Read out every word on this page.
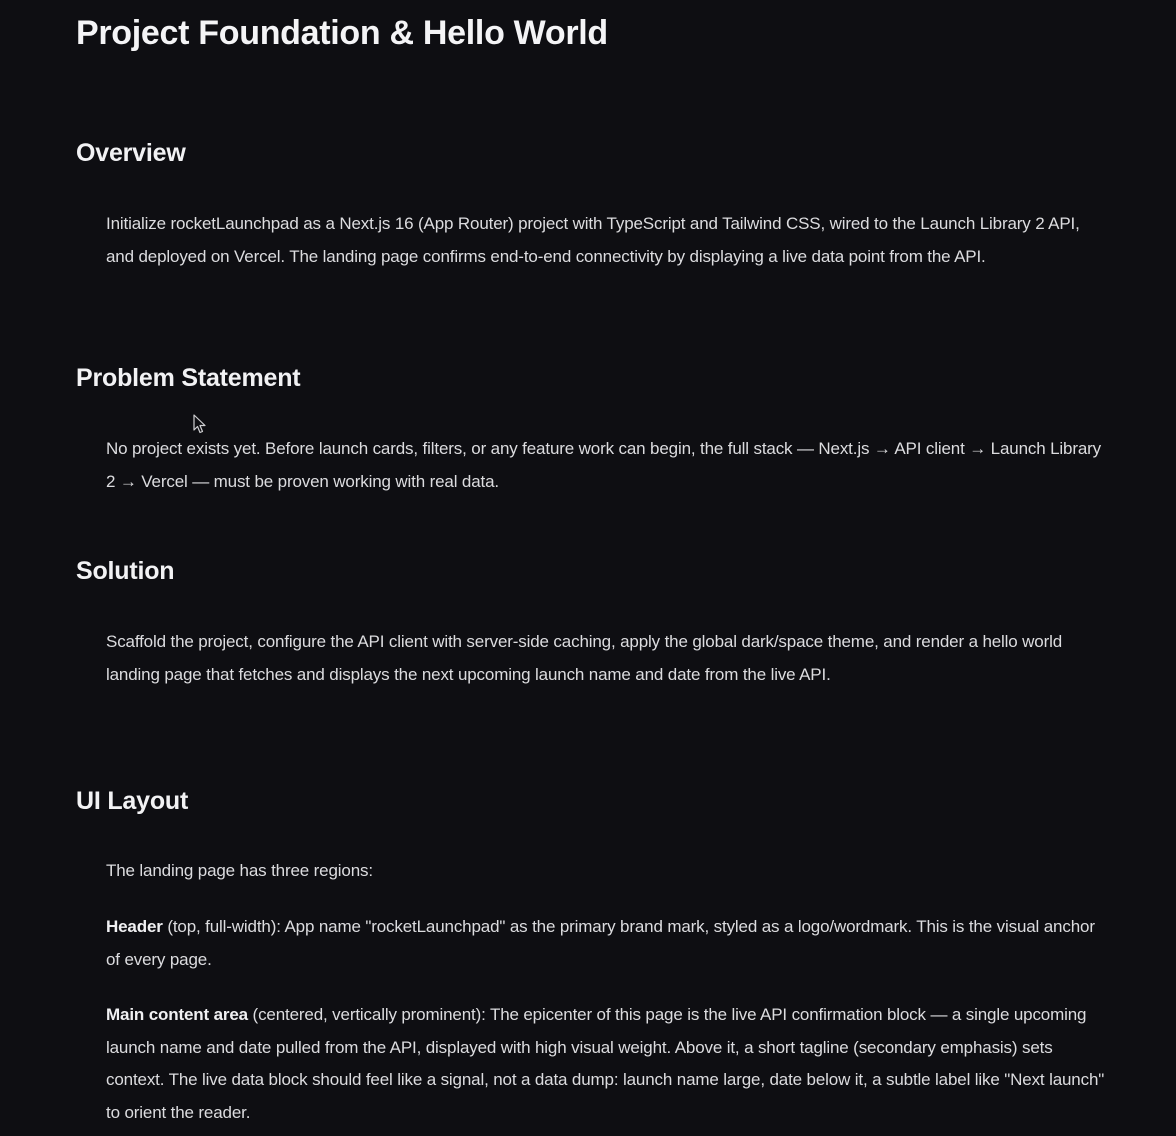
Project Foundation & Hello World
Overview

Initialize rocketLaunchpad as a Next.js 16 (App Router) project with TypeScript and Tailwind CSS, wired to the Launch Library 2 API, and deployed on Vercel. The landing page confirms end-to-end connectivity by displaying a live data point from the API.

Problem Statement

No project exists yet. Before launch cards, filters, or any feature work can begin, the full stack — Next.js → API client → Launch Library 2 → Vercel — must be proven working with real data.

Solution

Scaffold the project, configure the API client with server-side caching, apply the global dark/space theme, and render a hello world landing page that fetches and displays the next upcoming launch name and date from the live API.

UI Layout

The landing page has three regions:

Header (top, full-width): App name "rocketLaunchpad" as the primary brand mark, styled as a logo/wordmark. This is the visual anchor of every page.

Main content area (centered, vertically prominent): The epicenter of this page is the live API confirmation block — a single upcoming launch name and date pulled from the API, displayed with high visual weight. Above it, a short tagline (secondary emphasis) sets context. The live data block should feel like a signal, not a data dump: launch name large, date below it, a subtle label like "Next launch" to orient the reader.
